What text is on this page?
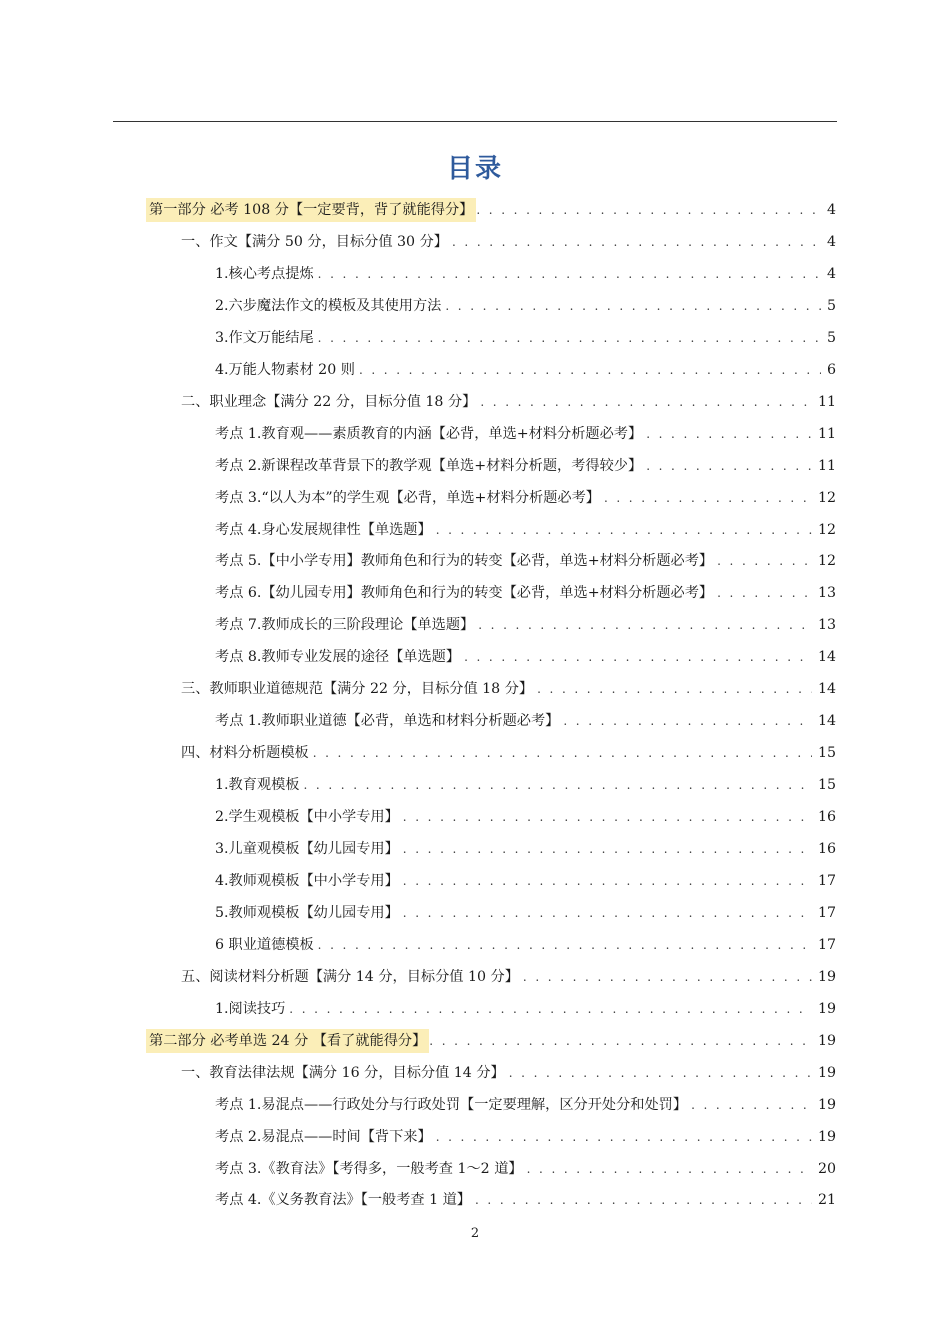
目录
第一部分 必考 108 分【一定要背，背了就能得分】 . . .	4
一、作文【满分 50 分，目标分值 30 分】 . . .	4
1.核心考点提炼 . . .	4
2.六步魔法作文的模板及其使用方法 . . .	5
3.作文万能结尾 . . .	5
4.万能人物素材 20 则 . . .	6
二、职业理念【满分 22 分，目标分值 18 分】 . . .	11
考点 1.教育观——素质教育的内涵【必背，单选+材料分析题必考】 . . .	11
考点 2.新课程改革背景下的教学观【单选+材料分析题，考得较少】 . . .	11
考点 3.“以人为本”的学生观【必背，单选+材料分析题必考】 . . .	12
考点 4.身心发展规律性【单选题】 . . .	12
考点 5.【中小学专用】教师角色和行为的转变【必背，单选+材料分析题必考】 . . .	12
考点 6.【幼儿园专用】教师角色和行为的转变【必背，单选+材料分析题必考】 . . .	13
考点 7.教师成长的三阶段理论【单选题】 . . .	13
考点 8.教师专业发展的途径【单选题】 . . .	14
三、教师职业道德规范【满分 22 分，目标分值 18 分】 . . .	14
考点 1.教师职业道德【必背，单选和材料分析题必考】 . . .	14
四、材料分析题模板 . . .	15
1.教育观模板 . . .	15
2.学生观模板【中小学专用】 . . .	16
3.儿童观模板【幼儿园专用】 . . .	16
4.教师观模板【中小学专用】 . . .	17
5.教师观模板【幼儿园专用】 . . .	17
6 职业道德模板 . . .	17
五、阅读材料分析题【满分 14 分，目标分值 10 分】 . . .	19
1.阅读技巧 . . .	19
第二部分 必考单选 24 分 【看了就能得分】 . . .	19
一、教育法律法规【满分 16 分，目标分值 14 分】 . . .	19
考点 1.易混点——行政处分与行政处罚【一定要理解，区分开处分和处罚】 . . .	19
考点 2.易混点——时间【背下来】 . . .	19
考点 3.《教育法》【考得多，一般考查 1～2 道】 . . .	20
考点 4.《义务教育法》【一般考查 1 道】 . . .	21
2
